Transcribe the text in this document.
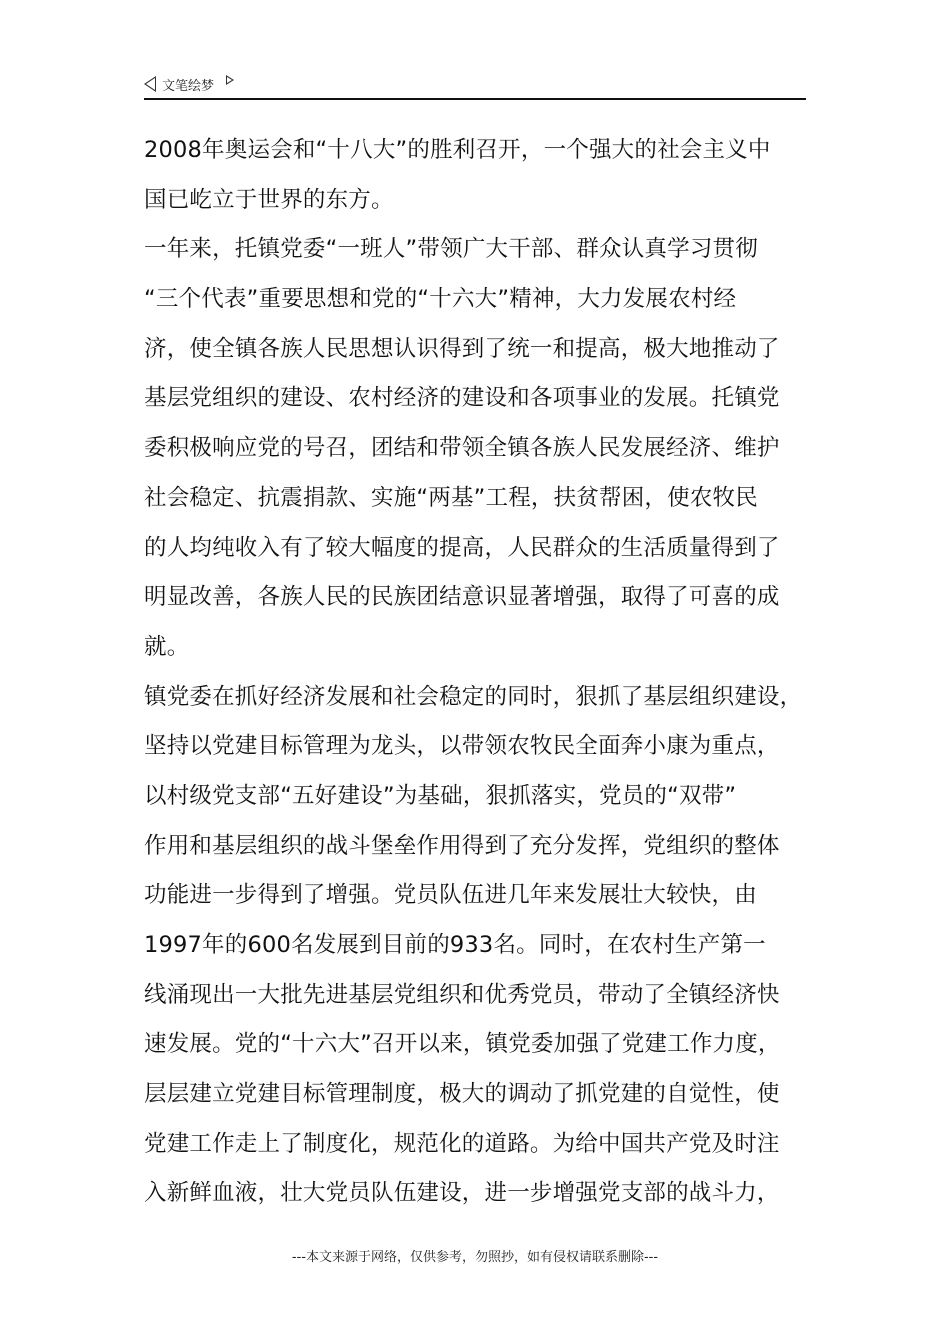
文笔绘梦
2008年奥运会和“十八大”的胜利召开，一个强大的社会主义中
国已屹立于世界的东方。
一年来，托镇党委“一班人”带领广大干部、群众认真学习贯彻
“三个代表”重要思想和党的“十六大”精神，大力发展农村经
济，使全镇各族人民思想认识得到了统一和提高，极大地推动了
基层党组织的建设、农村经济的建设和各项事业的发展。托镇党
委积极响应党的号召，团结和带领全镇各族人民发展经济、维护
社会稳定、抗震捐款、实施“两基”工程，扶贫帮困，使农牧民
的人均纯收入有了较大幅度的提高，人民群众的生活质量得到了
明显改善，各族人民的民族团结意识显著增强，取得了可喜的成
就。
镇党委在抓好经济发展和社会稳定的同时，狠抓了基层组织建设，
坚持以党建目标管理为龙头，以带领农牧民全面奔小康为重点，
以村级党支部“五好建设”为基础，狠抓落实，党员的“双带”
作用和基层组织的战斗堡垒作用得到了充分发挥，党组织的整体
功能进一步得到了增强。党员队伍进几年来发展壮大较快，由
1997年的600名发展到目前的933名。同时，在农村生产第一
线涌现出一大批先进基层党组织和优秀党员，带动了全镇经济快
速发展。党的“十六大”召开以来，镇党委加强了党建工作力度，
层层建立党建目标管理制度，极大的调动了抓党建的自觉性，使
党建工作走上了制度化，规范化的道路。为给中国共产党及时注
入新鲜血液，壮大党员队伍建设，进一步增强党支部的战斗力，
---本文来源于网络，仅供参考，勿照抄，如有侵权请联系删除---
